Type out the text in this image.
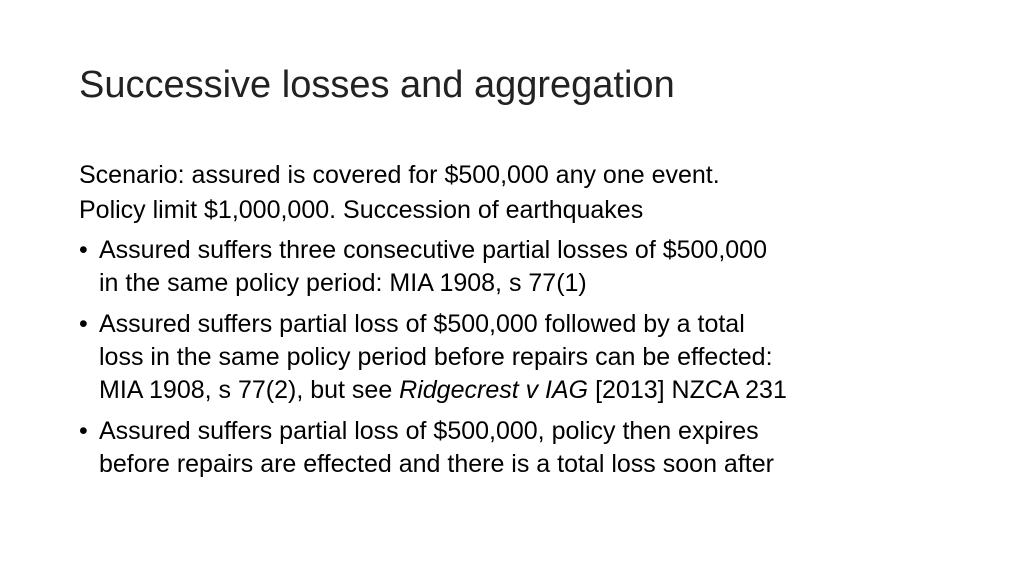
Successive losses and aggregation
Scenario: assured is covered for $500,000 any one event.
Policy limit $1,000,000. Succession of earthquakes
• Assured suffers three consecutive partial losses of $500,000
in the same policy period: MIA 1908, s 77(1)
• Assured suffers partial loss of $500,000 followed by a total
loss in the same policy period before repairs can be effected:
MIA 1908, s 77(2), but see Ridgecrest v IAG [2013] NZCA 231
• Assured suffers partial loss of $500,000, policy then expires
before repairs are effected and there is a total loss soon after
